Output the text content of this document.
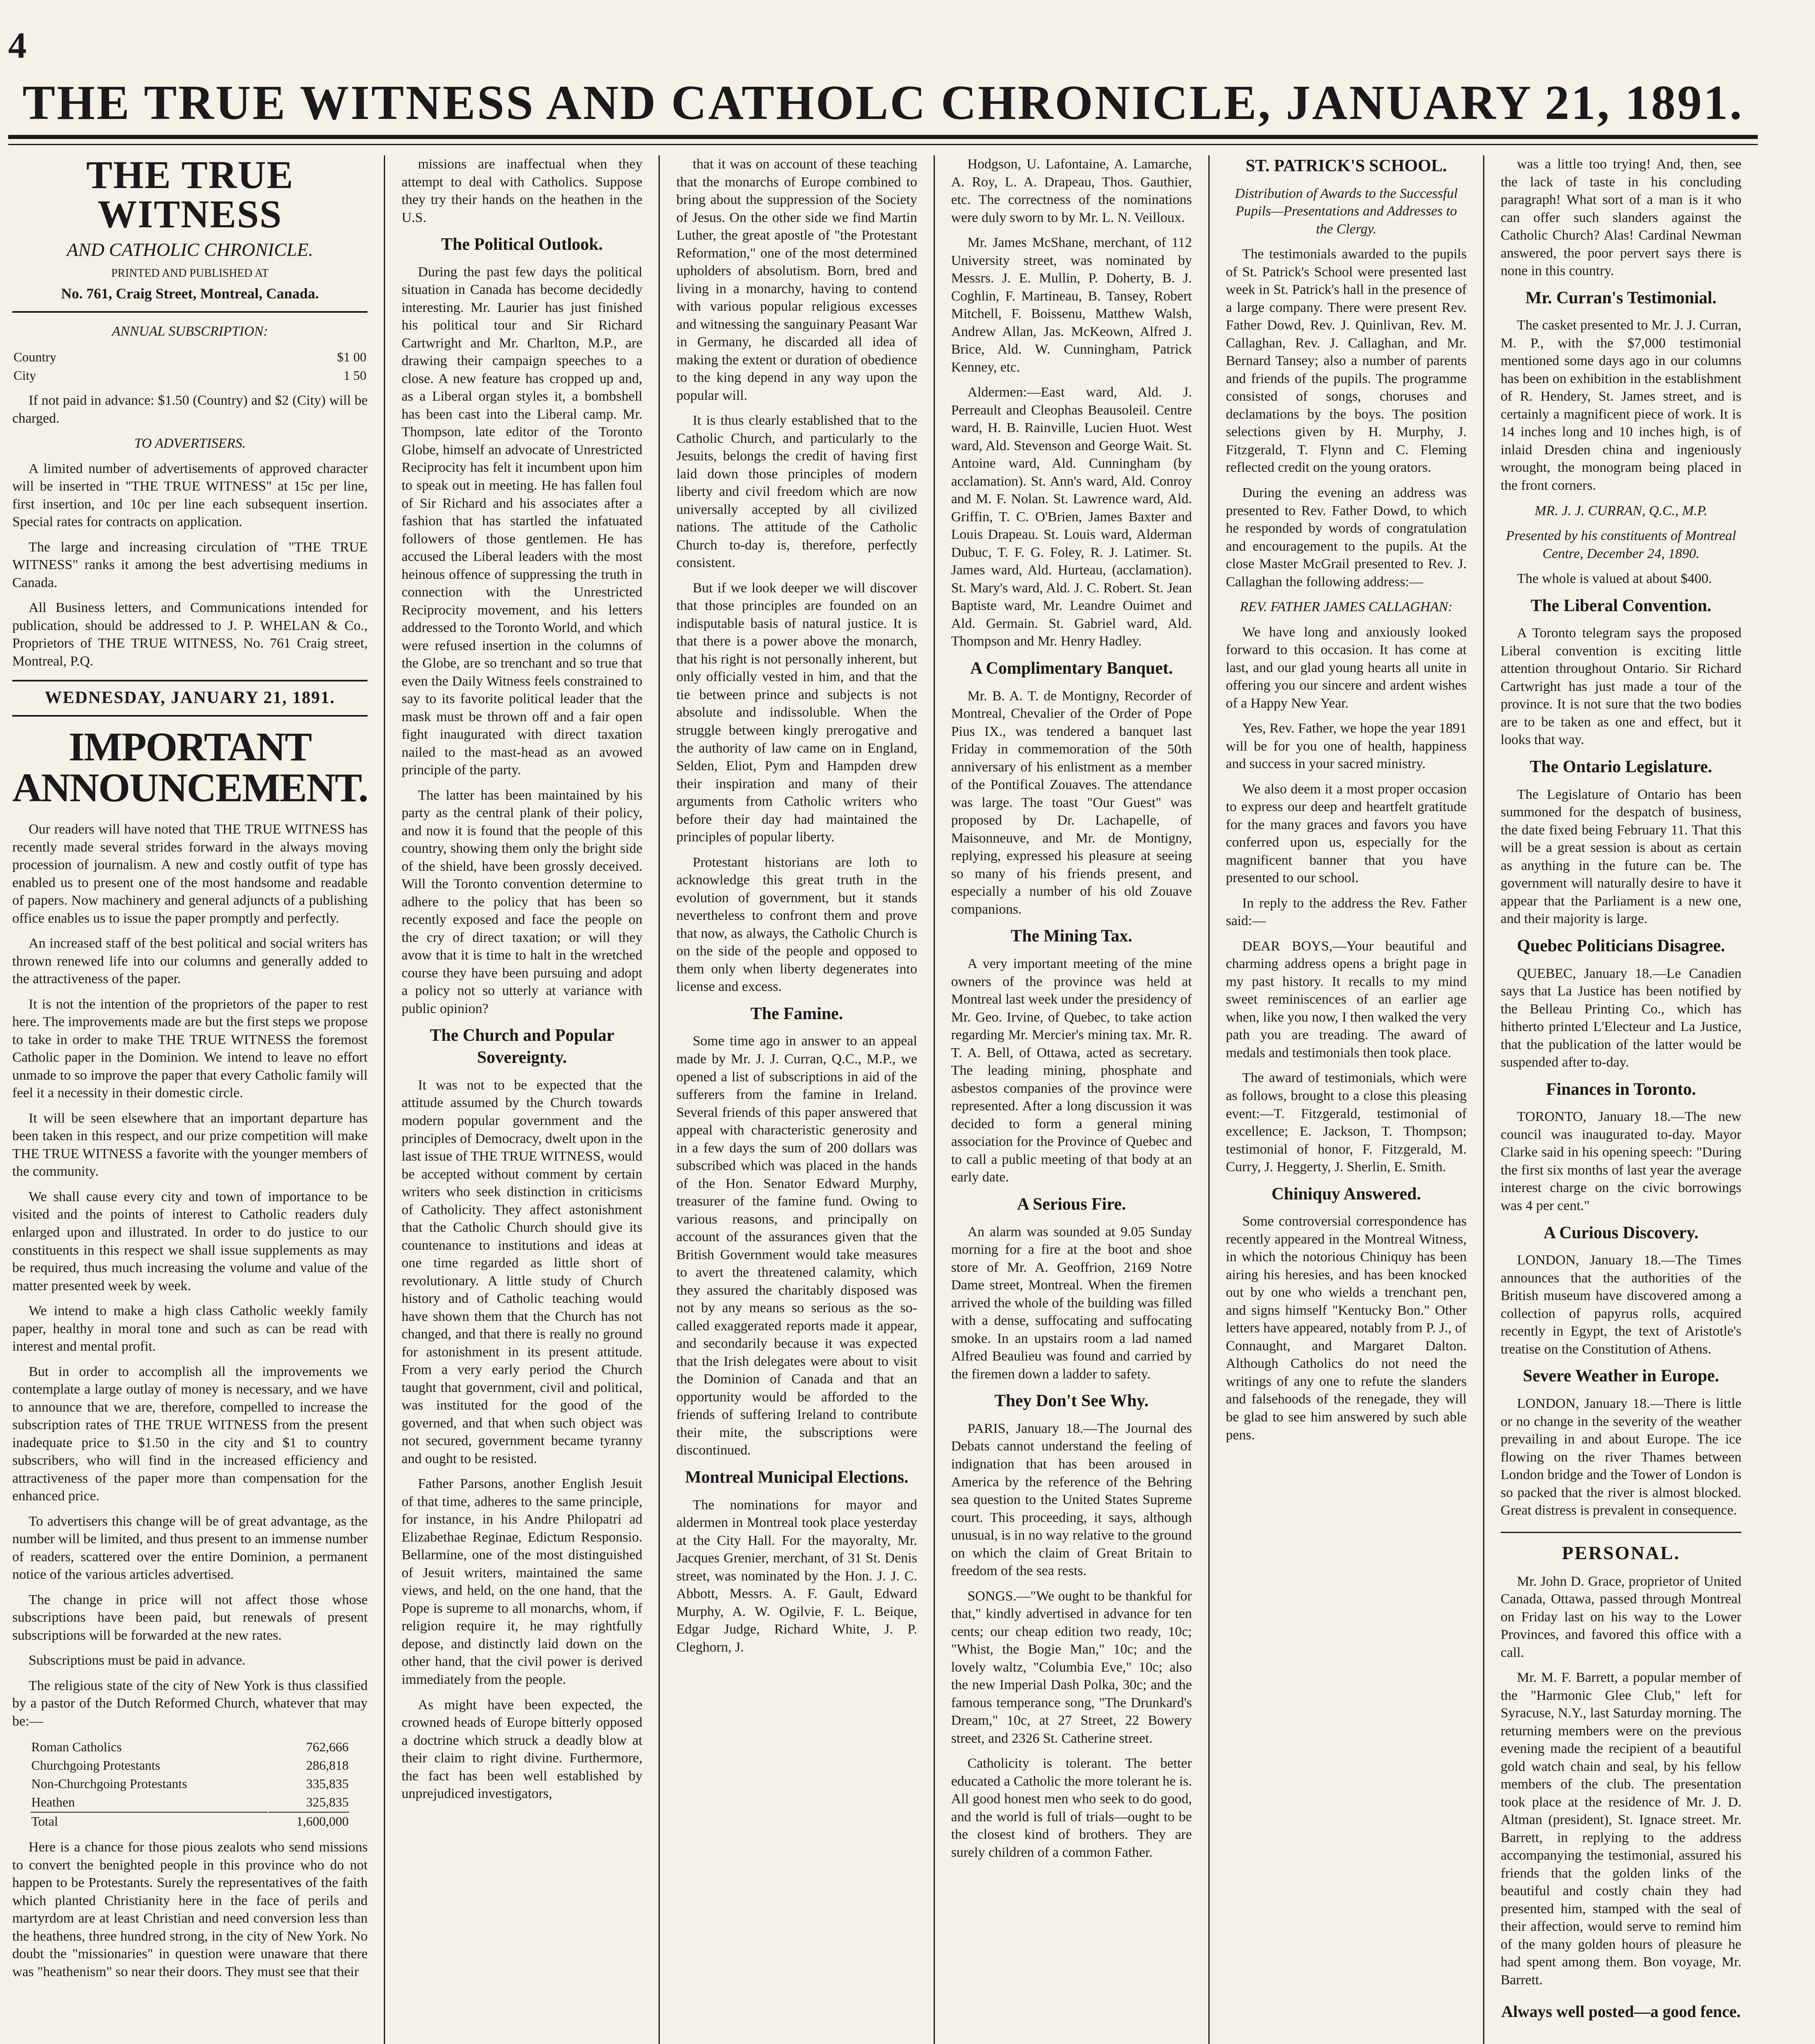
4
THE TRUE WITNESS AND CATHOLC CHRONICLE, JANUARY 21, 1891.
THE TRUE WITNESS
AND CATHOLIC CHRONICLE.
PRINTED AND PUBLISHED AT
No. 761, Craig Street, Montreal, Canada.

ANNUAL SUBSCRIPTION:

Country	$1 00
City	1 50

If not paid in advance: $1.50 (Country) and $2 (City) will be charged.

TO ADVERTISERS.

A limited number of advertisements of approved character will be inserted in "THE TRUE WITNESS" at 15c per line, first insertion, and 10c per line each subsequent insertion. Special rates for contracts on application.

The large and increasing circulation of "THE TRUE WITNESS" ranks it among the best advertising mediums in Canada.

All Business letters, and Communications intended for publication, should be addressed to J. P. WHELAN & Co., Proprietors of THE TRUE WITNESS, No. 761 Craig street, Montreal, P.Q.

WEDNESDAY, JANUARY 21, 1891.
IMPORTANT ANNOUNCEMENT.

Our readers will have noted that THE TRUE WITNESS has recently made several strides forward in the always moving procession of journalism. A new and costly outfit of type has enabled us to present one of the most handsome and readable of papers. Now machinery and general adjuncts of a publishing office enables us to issue the paper promptly and perfectly.

An increased staff of the best political and social writers has thrown renewed life into our columns and generally added to the attractiveness of the paper.

It is not the intention of the proprietors of the paper to rest here. The improvements made are but the first steps we propose to take in order to make THE TRUE WITNESS the foremost Catholic paper in the Dominion. We intend to leave no effort unmade to so improve the paper that every Catholic family will feel it a necessity in their domestic circle.

It will be seen elsewhere that an important departure has been taken in this respect, and our prize competition will make THE TRUE WITNESS a favorite with the younger members of the community.

We shall cause every city and town of importance to be visited and the points of interest to Catholic readers duly enlarged upon and illustrated. In order to do justice to our constituents in this respect we shall issue supplements as may be required, thus much increasing the volume and value of the matter presented week by week.

We intend to make a high class Catholic weekly family paper, healthy in moral tone and such as can be read with interest and mental profit.

But in order to accomplish all the improvements we contemplate a large outlay of money is necessary, and we have to announce that we are, therefore, compelled to increase the subscription rates of THE TRUE WITNESS from the present inadequate price to $1.50 in the city and $1 to country subscribers, who will find in the increased efficiency and attractiveness of the paper more than compensation for the enhanced price.

To advertisers this change will be of great advantage, as the number will be limited, and thus present to an immense number of readers, scattered over the entire Dominion, a permanent notice of the various articles advertised.

The change in price will not affect those whose subscriptions have been paid, but renewals of present subscriptions will be forwarded at the new rates.

Subscriptions must be paid in advance.

The religious state of the city of New York is thus classified by a pastor of the Dutch Reformed Church, whatever that may be:—

Roman Catholics	762,666
Churchgoing Protestants	286,818
Non-Churchgoing Protestants	335,835
Heathen	325,835
Total	1,600,000

Here is a chance for those pious zealots who send missions to convert the benighted people in this province who do not happen to be Protestants. Surely the representatives of the faith which planted Christianity here in the face of perils and martyrdom are at least Christian and need conversion less than the heathens, three hundred strong, in the city of New York. No doubt the "missionaries" in question were unaware that there was "heathenism" so near their doors. They must see that their

missions are inaffectual when they attempt to deal with Catholics. Suppose they try their hands on the heathen in the U.S.

The Political Outlook.

During the past few days the political situation in Canada has become decidedly interesting. Mr. Laurier has just finished his political tour and Sir Richard Cartwright and Mr. Charlton, M.P., are drawing their campaign speeches to a close. A new feature has cropped up and, as a Liberal organ styles it, a bombshell has been cast into the Liberal camp. Mr. Thompson, late editor of the Toronto Globe, himself an advocate of Unrestricted Reciprocity has felt it incumbent upon him to speak out in meeting. He has fallen foul of Sir Richard and his associates after a fashion that has startled the infatuated followers of those gentlemen. He has accused the Liberal leaders with the most heinous offence of suppressing the truth in connection with the Unrestricted Reciprocity movement, and his letters addressed to the Toronto World, and which were refused insertion in the columns of the Globe, are so trenchant and so true that even the Daily Witness feels constrained to say to its favorite political leader that the mask must be thrown off and a fair open fight inaugurated with direct taxation nailed to the mast-head as an avowed principle of the party.

The latter has been maintained by his party as the central plank of their policy, and now it is found that the people of this country, showing them only the bright side of the shield, have been grossly deceived. Will the Toronto convention determine to adhere to the policy that has been so recently exposed and face the people on the cry of direct taxation; or will they avow that it is time to halt in the wretched course they have been pursuing and adopt a policy not so utterly at variance with public opinion?

The Church and Popular Sovereignty.

It was not to be expected that the attitude assumed by the Church towards modern popular government and the principles of Democracy, dwelt upon in the last issue of THE TRUE WITNESS, would be accepted without comment by certain writers who seek distinction in criticisms of Catholicity. They affect astonishment that the Catholic Church should give its countenance to institutions and ideas at one time regarded as little short of revolutionary. A little study of Church history and of Catholic teaching would have shown them that the Church has not changed, and that there is really no ground for astonishment in its present attitude. From a very early period the Church taught that government, civil and political, was instituted for the good of the governed, and that when such object was not secured, government became tyranny and ought to be resisted.

Father Parsons, another English Jesuit of that time, adheres to the same principle, for instance, in his Andre Philopatri ad Elizabethae Reginae, Edictum Responsio. Bellarmine, one of the most distinguished of Jesuit writers, maintained the same views, and held, on the one hand, that the Pope is supreme to all monarchs, whom, if religion require it, he may rightfully depose, and distinctly laid down on the other hand, that the civil power is derived immediately from the people.

As might have been expected, the crowned heads of Europe bitterly opposed a doctrine which struck a deadly blow at their claim to right divine. Furthermore, the fact has been well established by unprejudiced investigators,

that it was on account of these teaching that the monarchs of Europe combined to bring about the suppression of the Society of Jesus. On the other side we find Martin Luther, the great apostle of "the Protestant Reformation," one of the most determined upholders of absolutism. Born, bred and living in a monarchy, having to contend with various popular religious excesses and witnessing the sanguinary Peasant War in Germany, he discarded all idea of making the extent or duration of obedience to the king depend in any way upon the popular will.

It is thus clearly established that to the Catholic Church, and particularly to the Jesuits, belongs the credit of having first laid down those principles of modern liberty and civil freedom which are now universally accepted by all civilized nations. The attitude of the Catholic Church to-day is, therefore, perfectly consistent.

But if we look deeper we will discover that those principles are founded on an indisputable basis of natural justice. It is that there is a power above the monarch, that his right is not personally inherent, but only officially vested in him, and that the tie between prince and subjects is not absolute and indissoluble. When the struggle between kingly prerogative and the authority of law came on in England, Selden, Eliot, Pym and Hampden drew their inspiration and many of their arguments from Catholic writers who before their day had maintained the principles of popular liberty.

Protestant historians are loth to acknowledge this great truth in the evolution of government, but it stands nevertheless to confront them and prove that now, as always, the Catholic Church is on the side of the people and opposed to them only when liberty degenerates into license and excess.

The Famine.

Some time ago in answer to an appeal made by Mr. J. J. Curran, Q.C., M.P., we opened a list of subscriptions in aid of the sufferers from the famine in Ireland. Several friends of this paper answered that appeal with characteristic generosity and in a few days the sum of 200 dollars was subscribed which was placed in the hands of the Hon. Senator Edward Murphy, treasurer of the famine fund. Owing to various reasons, and principally on account of the assurances given that the British Government would take measures to avert the threatened calamity, which they assured the charitably disposed was not by any means so serious as the so-called exaggerated reports made it appear, and secondarily because it was expected that the Irish delegates were about to visit the Dominion of Canada and that an opportunity would be afforded to the friends of suffering Ireland to contribute their mite, the subscriptions were discontinued.

Montreal Municipal Elections.

The nominations for mayor and aldermen in Montreal took place yesterday at the City Hall. For the mayoralty, Mr. Jacques Grenier, merchant, of 31 St. Denis street, was nominated by the Hon. J. J. C. Abbott, Messrs. A. F. Gault, Edward Murphy, A. W. Ogilvie, F. L. Beique, Edgar Judge, Richard White, J. P. Cleghorn, J.

Hodgson, U. Lafontaine, A. Lamarche, A. Roy, L. A. Drapeau, Thos. Gauthier, etc. The correctness of the nominations were duly sworn to by Mr. L. N. Veilloux.

Mr. James McShane, merchant, of 112 University street, was nominated by Messrs. J. E. Mullin, P. Doherty, B. J. Coghlin, F. Martineau, B. Tansey, Robert Mitchell, F. Boissenu, Matthew Walsh, Andrew Allan, Jas. McKeown, Alfred J. Brice, Ald. W. Cunningham, Patrick Kenney, etc.

Aldermen:—East ward, Ald. J. Perreault and Cleophas Beausoleil. Centre ward, H. B. Rainville, Lucien Huot. West ward, Ald. Stevenson and George Wait. St. Antoine ward, Ald. Cunningham (by acclamation). St. Ann's ward, Ald. Conroy and M. F. Nolan. St. Lawrence ward, Ald. Griffin, T. C. O'Brien, James Baxter and Louis Drapeau. St. Louis ward, Alderman Dubuc, T. F. G. Foley, R. J. Latimer. St. James ward, Ald. Hurteau, (acclamation). St. Mary's ward, Ald. J. C. Robert. St. Jean Baptiste ward, Mr. Leandre Ouimet and Ald. Germain. St. Gabriel ward, Ald. Thompson and Mr. Henry Hadley.

A Complimentary Banquet.

Mr. B. A. T. de Montigny, Recorder of Montreal, Chevalier of the Order of Pope Pius IX., was tendered a banquet last Friday in commemoration of the 50th anniversary of his enlistment as a member of the Pontifical Zouaves. The attendance was large. The toast "Our Guest" was proposed by Dr. Lachapelle, of Maisonneuve, and Mr. de Montigny, replying, expressed his pleasure at seeing so many of his friends present, and especially a number of his old Zouave companions.

The Mining Tax.

A very important meeting of the mine owners of the province was held at Montreal last week under the presidency of Mr. Geo. Irvine, of Quebec, to take action regarding Mr. Mercier's mining tax. Mr. R. T. A. Bell, of Ottawa, acted as secretary. The leading mining, phosphate and asbestos companies of the province were represented. After a long discussion it was decided to form a general mining association for the Province of Quebec and to call a public meeting of that body at an early date.

A Serious Fire.

An alarm was sounded at 9.05 Sunday morning for a fire at the boot and shoe store of Mr. A. Geoffrion, 2169 Notre Dame street, Montreal. When the firemen arrived the whole of the building was filled with a dense, suffocating and suffocating smoke. In an upstairs room a lad named Alfred Beaulieu was found and carried by the firemen down a ladder to safety.

They Don't See Why.

PARIS, January 18.—The Journal des Debats cannot understand the feeling of indignation that has been aroused in America by the reference of the Behring sea question to the United States Supreme court. This proceeding, it says, although unusual, is in no way relative to the ground on which the claim of Great Britain to freedom of the sea rests.

SONGS.—"We ought to be thankful for that," kindly advertised in advance for ten cents; our cheap edition two ready, 10c; "Whist, the Bogie Man," 10c; and the lovely waltz, "Columbia Eve," 10c; also the new Imperial Dash Polka, 30c; and the famous temperance song, "The Drunkard's Dream," 10c, at 27 Street, 22 Bowery street, and 2326 St. Catherine street.

Catholicity is tolerant. The better educated a Catholic the more tolerant he is. All good honest men who seek to do good, and the world is full of trials—ought to be the closest kind of brothers. They are surely children of a common Father.

ST. PATRICK'S SCHOOL.

Distribution of Awards to the Successful Pupils—Presentations and Addresses to the Clergy.

The testimonials awarded to the pupils of St. Patrick's School were presented last week in St. Patrick's hall in the presence of a large company. There were present Rev. Father Dowd, Rev. J. Quinlivan, Rev. M. Callaghan, Rev. J. Callaghan, and Mr. Bernard Tansey; also a number of parents and friends of the pupils. The programme consisted of songs, choruses and declamations by the boys. The position selections given by H. Murphy, J. Fitzgerald, T. Flynn and C. Fleming reflected credit on the young orators.

During the evening an address was presented to Rev. Father Dowd, to which he responded by words of congratulation and encouragement to the pupils. At the close Master McGrail presented to Rev. J. Callaghan the following address:—

REV. FATHER JAMES CALLAGHAN:

We have long and anxiously looked forward to this occasion. It has come at last, and our glad young hearts all unite in offering you our sincere and ardent wishes of a Happy New Year.

Yes, Rev. Father, we hope the year 1891 will be for you one of health, happiness and success in your sacred ministry.

We also deem it a most proper occasion to express our deep and heartfelt gratitude for the many graces and favors you have conferred upon us, especially for the magnificent banner that you have presented to our school.

In reply to the address the Rev. Father said:—

DEAR BOYS,—Your beautiful and charming address opens a bright page in my past history. It recalls to my mind sweet reminiscences of an earlier age when, like you now, I then walked the very path you are treading. The award of medals and testimonials then took place.

The award of testimonials, which were as follows, brought to a close this pleasing event:—T. Fitzgerald, testimonial of excellence; E. Jackson, T. Thompson; testimonial of honor, F. Fitzgerald, M. Curry, J. Heggerty, J. Sherlin, E. Smith.

Chiniquy Answered.

Some controversial correspondence has recently appeared in the Montreal Witness, in which the notorious Chiniquy has been airing his heresies, and has been knocked out by one who wields a trenchant pen, and signs himself "Kentucky Bon." Other letters have appeared, notably from P. J., of Connaught, and Margaret Dalton. Although Catholics do not need the writings of any one to refute the slanders and falsehoods of the renegade, they will be glad to see him answered by such able pens.

was a little too trying! And, then, see the lack of taste in his concluding paragraph! What sort of a man is it who can offer such slanders against the Catholic Church? Alas! Cardinal Newman answered, the poor pervert says there is none in this country.

Mr. Curran's Testimonial.

The casket presented to Mr. J. J. Curran, M. P., with the $7,000 testimonial mentioned some days ago in our columns has been on exhibition in the establishment of R. Hendery, St. James street, and is certainly a magnificent piece of work. It is 14 inches long and 10 inches high, is of inlaid Dresden china and ingeniously wrought, the monogram being placed in the front corners.

MR. J. J. CURRAN, Q.C., M.P.

Presented by his constituents of Montreal Centre, December 24, 1890.

The whole is valued at about $400.

The Liberal Convention.

A Toronto telegram says the proposed Liberal convention is exciting little attention throughout Ontario. Sir Richard Cartwright has just made a tour of the province. It is not sure that the two bodies are to be taken as one and effect, but it looks that way.

The Ontario Legislature.

The Legislature of Ontario has been summoned for the despatch of business, the date fixed being February 11. That this will be a great session is about as certain as anything in the future can be. The government will naturally desire to have it appear that the Parliament is a new one, and their majority is large.

Quebec Politicians Disagree.

QUEBEC, January 18.—Le Canadien says that La Justice has been notified by the Belleau Printing Co., which has hitherto printed L'Electeur and La Justice, that the publication of the latter would be suspended after to-day.

Finances in Toronto.

TORONTO, January 18.—The new council was inaugurated to-day. Mayor Clarke said in his opening speech: "During the first six months of last year the average interest charge on the civic borrowings was 4 per cent."

A Curious Discovery.

LONDON, January 18.—The Times announces that the authorities of the British museum have discovered among a collection of papyrus rolls, acquired recently in Egypt, the text of Aristotle's treatise on the Constitution of Athens.

Severe Weather in Europe.

LONDON, January 18.—There is little or no change in the severity of the weather prevailing in and about Europe. The ice flowing on the river Thames between London bridge and the Tower of London is so packed that the river is almost blocked. Great distress is prevalent in consequence.

PERSONAL.

Mr. John D. Grace, proprietor of United Canada, Ottawa, passed through Montreal on Friday last on his way to the Lower Provinces, and favored this office with a call.

Mr. M. F. Barrett, a popular member of the "Harmonic Glee Club," left for Syracuse, N.Y., last Saturday morning. The returning members were on the previous evening made the recipient of a beautiful gold watch chain and seal, by his fellow members of the club. The presentation took place at the residence of Mr. J. D. Altman (president), St. Ignace street. Mr. Barrett, in replying to the address accompanying the testimonial, assured his friends that the golden links of the beautiful and costly chain they had presented him, stamped with the seal of their affection, would serve to remind him of the many golden hours of pleasure he had spent among them. Bon voyage, Mr. Barrett.

Always well posted—a good fence.
